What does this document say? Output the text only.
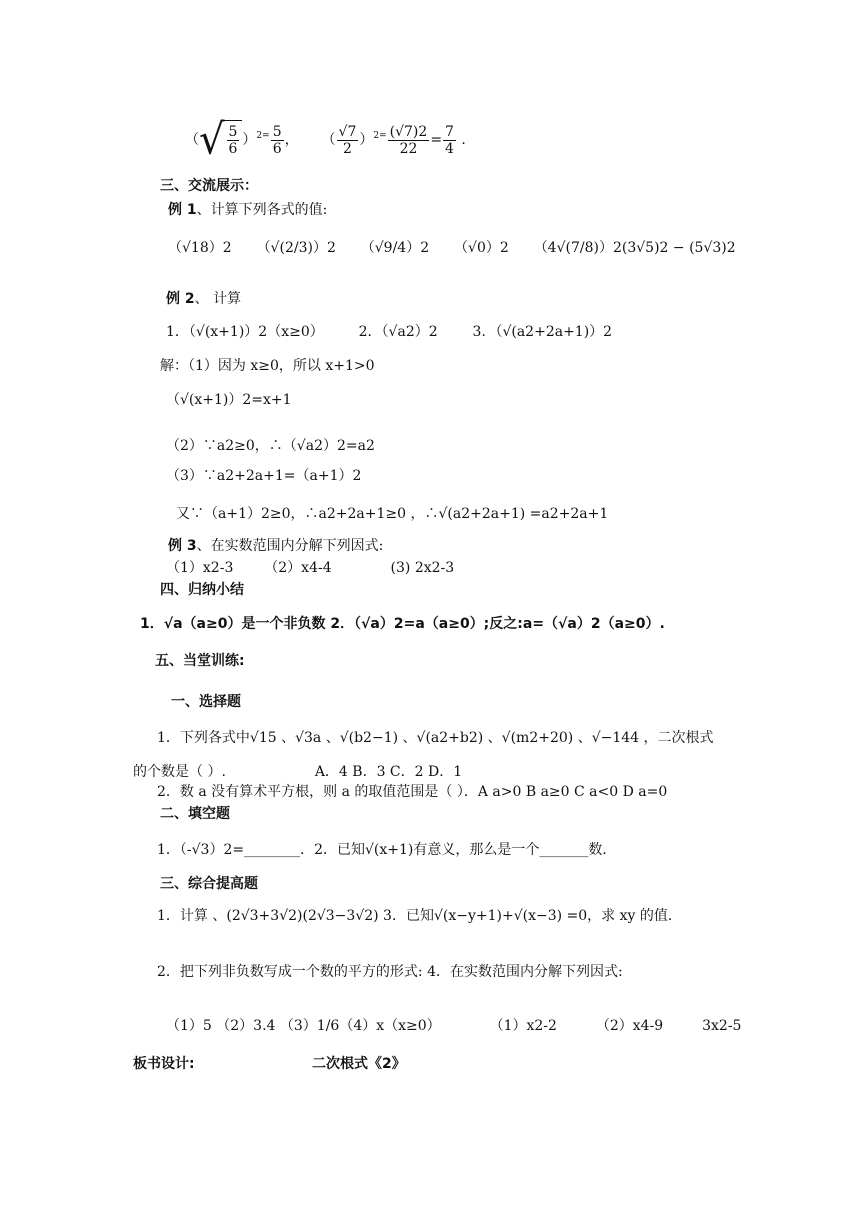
（ √ $\frac{5}{6} )^{2=} \frac{5}{6}$ ， （ $\frac{√7}{2} )^{2=} \frac{(√7)2}{22} = \frac{7}{4}$ .
三、交流展示：
例 1、计算下列各式的值:
（√18）2 （√(2/3)）2 （√9/4）2 （√0）2 （4√(7/8)）2(3√5)2 − (5√3)2
例 2、 计算
1．（√(x+1)）2（x≥0） 2．（√a2）2 3．（√(a2+2a+1)）2
解：（1）因为 x≥0，所以 x+1>0
（√(x+1)）2=x+1
（2）∵a2≥0，∴（√a2）2=a2
（3）∵a2+2a+1=（a+1）2
又∵（a+1）2≥0，∴a2+2a+1≥0 ，∴√(a2+2a+1) =a2+2a+1
例 3、在实数范围内分解下列因式:
（1）x2-3 （2）x4-4	(3) 2x2-3
四、归纳小结
1．√a（a≥0）是一个非负数 2．（√a）2=a（a≥0）;反之:a=（√a）2（a≥0）.
五、当堂训练:
一、选择题
1．下列各式中√15 、√3a 、√(b2−1) 、√(a2+b2) 、√(m2+20) 、√−144 ，二次根式
的个数是（ ）.	A．4 B．3 C．2 D．1
2．数 a 没有算术平方根，则 a 的取值范围是（ ）．A a>0 B a≥0 C a<0 D a=0
二、填空题
1．（-√3）2=________．2．已知√(x+1)有意义，那么是一个_______数．
三、综合提高题
1．计算 、(2√3+3√2)(2√3−3√2) 3．已知√(x−y+1)+√(x−3) =0，求 xy 的值．
2．把下列非负数写成一个数的平方的形式: 4．在实数范围内分解下列因式:
（1）5 （2）3.4 （3）1/6（4）x（x≥0）	（1）x2-2	（2）x4-9	3x2-5
板书设计:	二次根式《2》
